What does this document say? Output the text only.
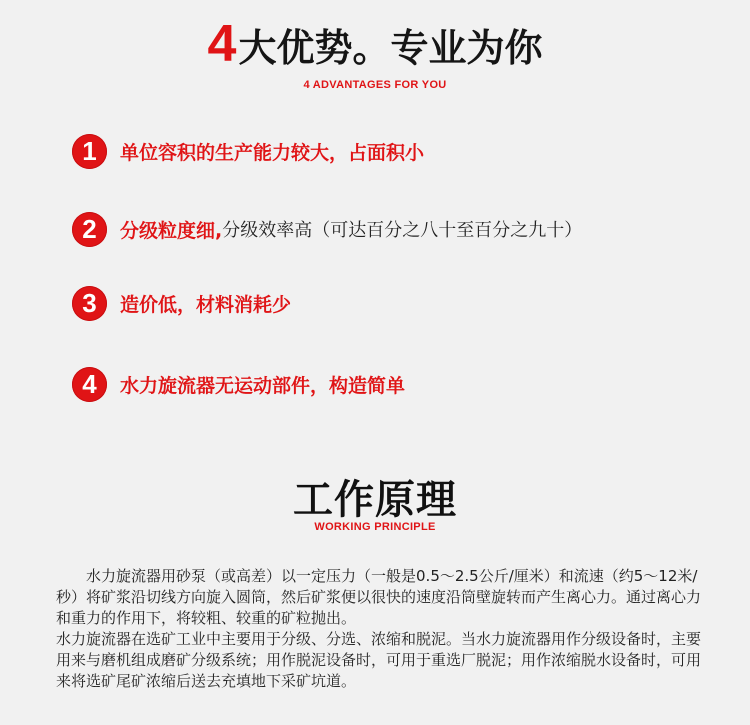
4大优势。专业为你
4 ADVANTAGES FOR YOU
1	单位容积的生产能力较大，占面积小
2	分级粒度细, 分级效率高（可达百分之八十至百分之九十）
3	造价低，材料消耗少
4	水力旋流器无运动部件，构造简单
工作原理
WORKING PRINCIPLE

水力旋流器用砂泵（或高差）以一定压力（一般是0.5～2.5公斤/厘米）和流速（约5～12米/秒）将矿浆沿切线方向旋入圆筒，然后矿浆便以很快的速度沿筒壁旋转而产生离心力。通过离心力和重力的作用下，将较粗、较重的矿粒抛出。

水力旋流器在选矿工业中主要用于分级、分选、浓缩和脱泥。当水力旋流器用作分级设备时，主要用来与磨机组成磨矿分级系统；用作脱泥设备时，可用于重选厂脱泥；用作浓缩脱水设备时，可用来将选矿尾矿浓缩后送去充填地下采矿坑道。
